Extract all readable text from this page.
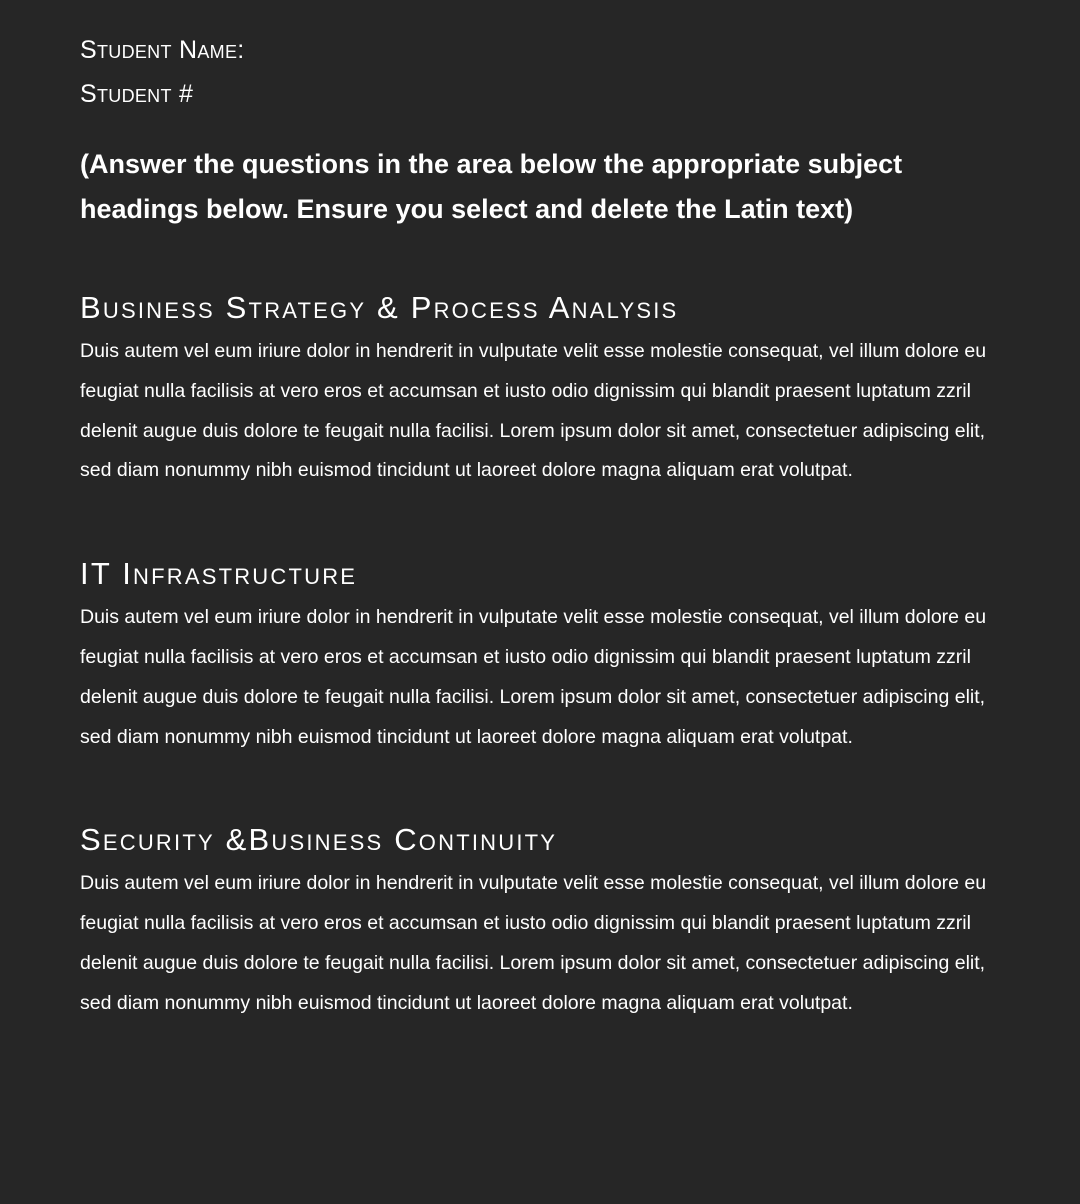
Student Name:

Student #

(Answer the questions in the area below the appropriate subject headings below. Ensure you select and delete the Latin text)

Business Strategy & Process Analysis

Duis autem vel eum iriure dolor in hendrerit in vulputate velit esse molestie consequat, vel illum dolore eu feugiat nulla facilisis at vero eros et accumsan et iusto odio dignissim qui blandit praesent luptatum zzril delenit augue duis dolore te feugait nulla facilisi. Lorem ipsum dolor sit amet, consectetuer adipiscing elit, sed diam nonummy nibh euismod tincidunt ut laoreet dolore magna aliquam erat volutpat.

IT Infrastructure

Duis autem vel eum iriure dolor in hendrerit in vulputate velit esse molestie consequat, vel illum dolore eu feugiat nulla facilisis at vero eros et accumsan et iusto odio dignissim qui blandit praesent luptatum zzril delenit augue duis dolore te feugait nulla facilisi. Lorem ipsum dolor sit amet, consectetuer adipiscing elit, sed diam nonummy nibh euismod tincidunt ut laoreet dolore magna aliquam erat volutpat.

Security &Business Continuity

Duis autem vel eum iriure dolor in hendrerit in vulputate velit esse molestie consequat, vel illum dolore eu feugiat nulla facilisis at vero eros et accumsan et iusto odio dignissim qui blandit praesent luptatum zzril delenit augue duis dolore te feugait nulla facilisi. Lorem ipsum dolor sit amet, consectetuer adipiscing elit, sed diam nonummy nibh euismod tincidunt ut laoreet dolore magna aliquam erat volutpat.
